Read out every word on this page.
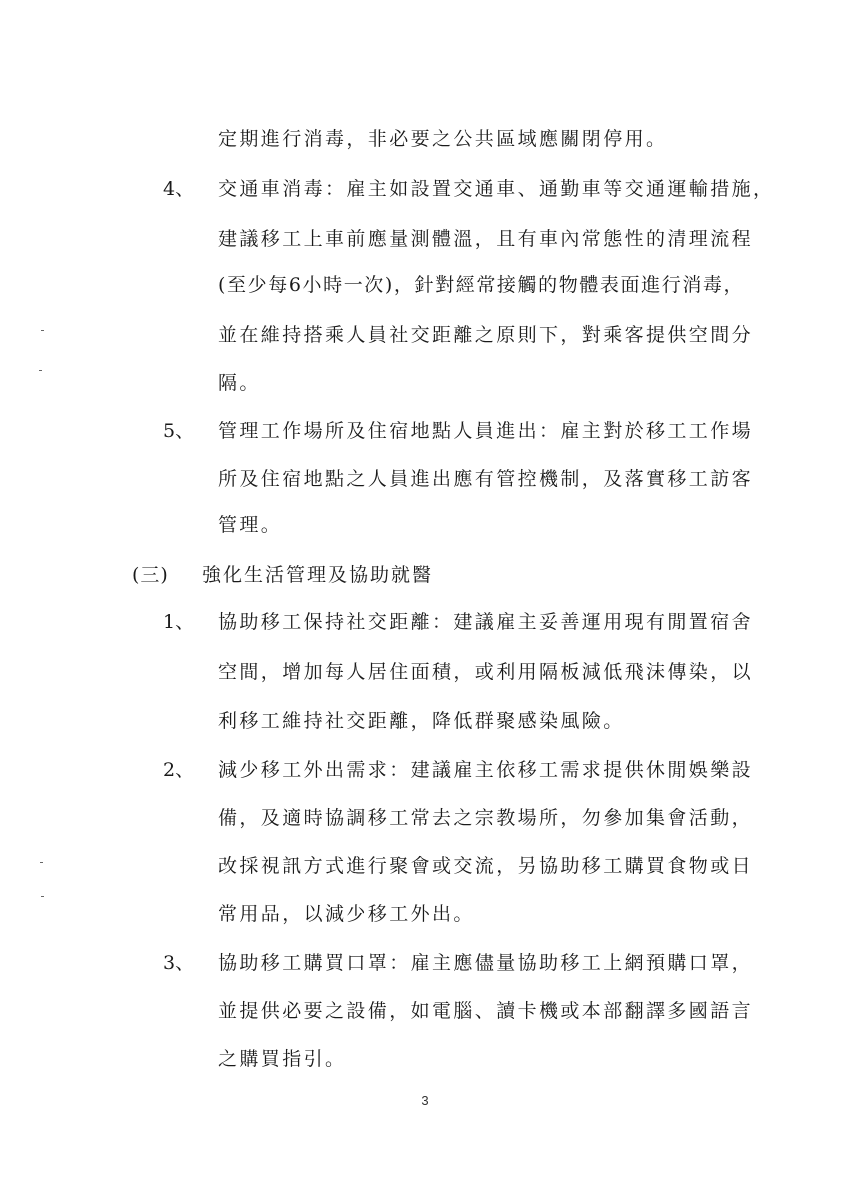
定期進行消毒，非必要之公共區域應關閉停用。
4、 交通車消毒：雇主如設置交通車、通勤車等交通運輸措施，
建議移工上車前應量測體溫，且有車內常態性的清理流程
(至少每6小時一次)，針對經常接觸的物體表面進行消毒，
並在維持搭乘人員社交距離之原則下，對乘客提供空間分
隔。
5、 管理工作場所及住宿地點人員進出：雇主對於移工工作場
所及住宿地點之人員進出應有管控機制，及落實移工訪客
管理。
(三) 強化生活管理及協助就醫
1、 協助移工保持社交距離：建議雇主妥善運用現有閒置宿舍
空間，增加每人居住面積，或利用隔板減低飛沫傳染，以
利移工維持社交距離，降低群聚感染風險。
2、 減少移工外出需求：建議雇主依移工需求提供休閒娛樂設
備，及適時協調移工常去之宗教場所，勿參加集會活動，
改採視訊方式進行聚會或交流，另協助移工購買食物或日
常用品，以減少移工外出。
3、 協助移工購買口罩：雇主應儘量協助移工上網預購口罩，
並提供必要之設備，如電腦、讀卡機或本部翻譯多國語言
之購買指引。
3
